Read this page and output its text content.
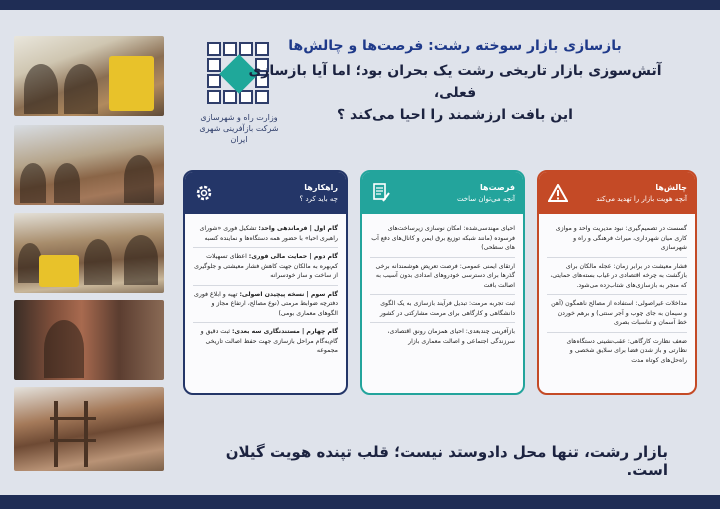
وزارت راه و شهرسازی
شرکت بازآفرینی شهری ایران
بازسازی بازار سوخته رشت: فرصت‌ها و چالش‌ها
آتش‌سوزی بازار تاریخی رشت یک بحران بود؛ اما آیا بازسازی فعلی،
این بافت ارزشمند را احیا می‌کند ؟
چالش‌ها
آنچه هویت بازار را تهدید می‌کند
گسست در تصمیم‌گیری: نبود مدیریت واحد و موازی کاری میان شهرداری، میراث فرهنگی و راه و شهرسازی
فشار معیشت در برابر زمان: عجله مالکان برای بازگشت به چرخه اقتصادی در غیاب بسته‌های حمایتی، که منجر به بازسازی‌های شتاب‌زده می‌شود.
مداخلات غیراصولی: استفاده از مصالح ناهمگون (آهن و سیمان به جای چوب و آجر سنتی) و برهم خوردن خط آسمان و تناسبات بصری
ضعف نظارت کارگاهی: عقب‌نشینی دستگاه‌های نظارتی و باز شدن فضا برای سلایق شخصی و راه‌حل‌های کوتاه مدت
فرصت‌ها
آنچه می‌توان ساخت
احیای مهندسی‌شده: امکان نوسازی زیرساخت‌های فرسوده (مانند شبکه توزیع برق ایمن و کانال‌های دفع آب های سطحی)
ارتقای ایمنی عمومی: فرصت تعریض هوشمندانه برخی گذرها برای دسترسی خودروهای امدادی بدون آسیب به اصالت بافت
ثبت تجربه مرمت: تبدیل فرآیند بازسازی به یک الگوی دانشگاهی و کارگاهی برای مرمت مشارکتی در کشور
بازآفرینی چندبعدی: احیای همزمان رونق اقتصادی، سرزندگی اجتماعی و اصالت معماری بازار
راهکارها
چه باید کرد ؟
گام اول | فرماندهی واحد: تشکیل فوری «شورای راهبری احیا» با حضور همه دستگاه‌ها و نماینده کسبه
گام دوم | حمایت مالی فوری: اعطای تسهیلات کم‌بهره به مالکان جهت کاهش فشار معیشتی و جلوگیری از ساخت و ساز خودسرانه
گام سوم | نسخه پیچیدن اصولی: تهیه و ابلاغ فوری دفترچه ضوابط مرمتی (نوع مصالح، ارتفاع مجاز و الگوهای معماری بومی)
گام چهارم | مستندنگاری سه بعدی: ثبت دقیق و گام‌به‌گام مراحل بازسازی جهت حفظ اصالت تاریخی مجموعه
بازار رشت، تنها محل دادوستد نیست؛ قلب تپنده هویت گیلان است.
